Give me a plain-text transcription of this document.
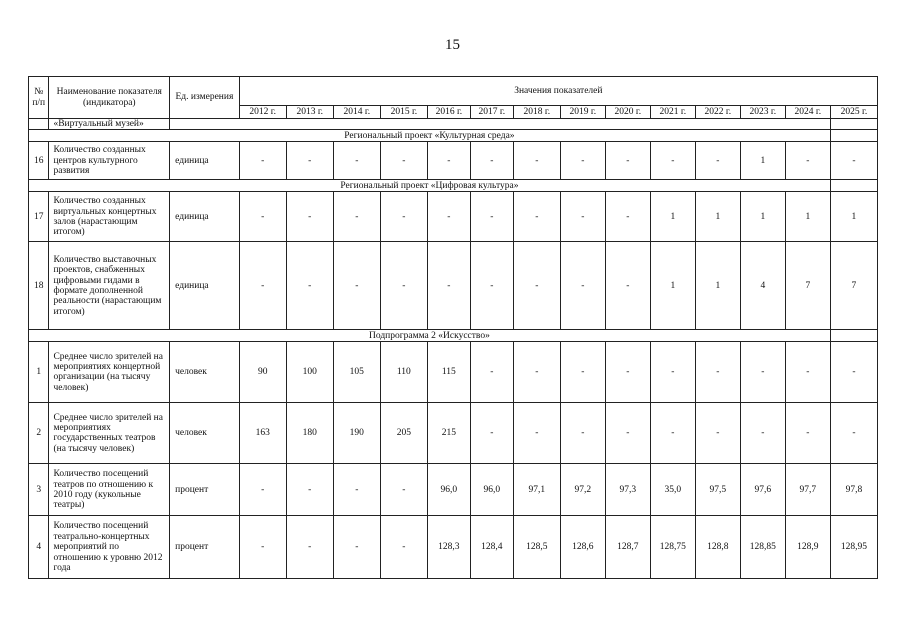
15
№ п/п	Наименование показателя (индикатора)	Ед. измерения	Значения показателей													
			2012 г.	2013 г.	2014 г.	2015 г.	2016 г.	2017 г.	2018 г.	2019 г.	2020 г.	2021 г.	2022 г.	2023 г.	2024 г.	2025 г.
	«Виртуальный музей»															
Региональный проект «Культурная среда»																
16	Количество созданных центров культурного развития	единица	-	-	-	-	-	-	-	-	-	-	-	1	-	-
Региональный проект «Цифровая культура»																
17	Количество созданных виртуальных концертных залов (нарастающим итогом)	единица	-	-	-	-	-	-	-	-	-	1	1	1	1	1
18	Количество выставочных проектов, снабженных цифровыми гидами в формате дополненной реальности (нарастающим итогом)	единица	-	-	-	-	-	-	-	-	-	1	1	4	7	7
Подпрограмма 2 «Искусство»																
1	Среднее число зрителей на мероприятиях концертной организации (на тысячу человек)	человек	90	100	105	110	115	-	-	-	-	-	-	-	-	-
2	Среднее число зрителей на мероприятиях государственных театров (на тысячу человек)	человек	163	180	190	205	215	-	-	-	-	-	-	-	-	-
3	Количество посещений театров по отношению к 2010 году (кукольные театры)	процент	-	-	-	-	96,0	96,0	97,1	97,2	97,3	35,0	97,5	97,6	97,7	97,8
4	Количество посещений театрально-концертных мероприятий по отношению к уровню 2012 года	процент	-	-	-	-	128,3	128,4	128,5	128,6	128,7	128,75	128,8	128,85	128,9	128,95
